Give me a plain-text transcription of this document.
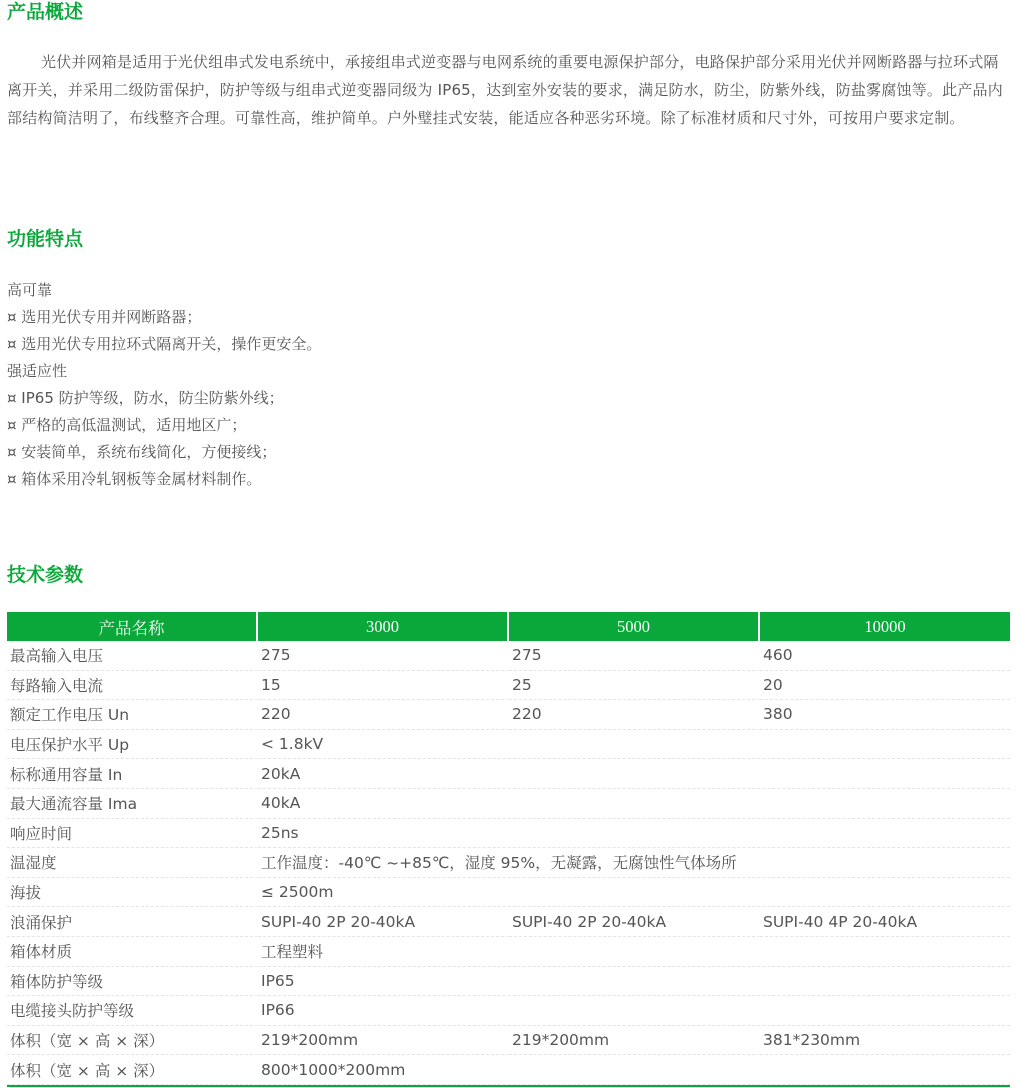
产品概述

光伏并网箱是适用于光伏组串式发电系统中，承接组串式逆变器与电网系统的重要电源保护部分，电路保护部分采用光伏并网断路器与拉环式隔离开关，并采用二级防雷保护，防护等级与组串式逆变器同级为 IP65，达到室外安装的要求，满足防水，防尘，防紫外线，防盐雾腐蚀等。此产品内部结构简洁明了，布线整齐合理。可靠性高，维护简单。户外璧挂式安装，能适应各种恶劣环境。除了标准材质和尺寸外，可按用户要求定制。

功能特点
高可靠
¤ 选用光伏专用并网断路器；
¤ 选用光伏专用拉环式隔离开关，操作更安全。
强适应性
¤ IP65 防护等级，防水，防尘防紫外线；
¤ 严格的高低温测试，适用地区广；
¤ 安装简单，系统布线简化，方便接线；
¤ 箱体采用冷轧钢板等金属材料制作。
技术参数
产品名称	3000	5000	10000
最高输入电压	275	275	460
每路输入电流	15	25	20
额定工作电压 Un	220	220	380
电压保护水平 Up	< 1.8kV		
标称通用容量 In	20kA		
最大通流容量 Ima	40kA		
响应时间	25ns		
温湿度	工作温度：-40℃ ~+85℃，湿度 95%，无凝露，无腐蚀性气体场所		
海拔	≤ 2500m		
浪涌保护	SUPI-40 2P 20-40kA	SUPI-40 2P 20-40kA	SUPI-40 4P 20-40kA
箱体材质	工程塑料		
箱体防护等级	IP65		
电缆接头防护等级	IP66		
体积（宽 × 高 × 深）	219*200mm	219*200mm	381*230mm
体积（宽 × 高 × 深）	800*1000*200mm		
